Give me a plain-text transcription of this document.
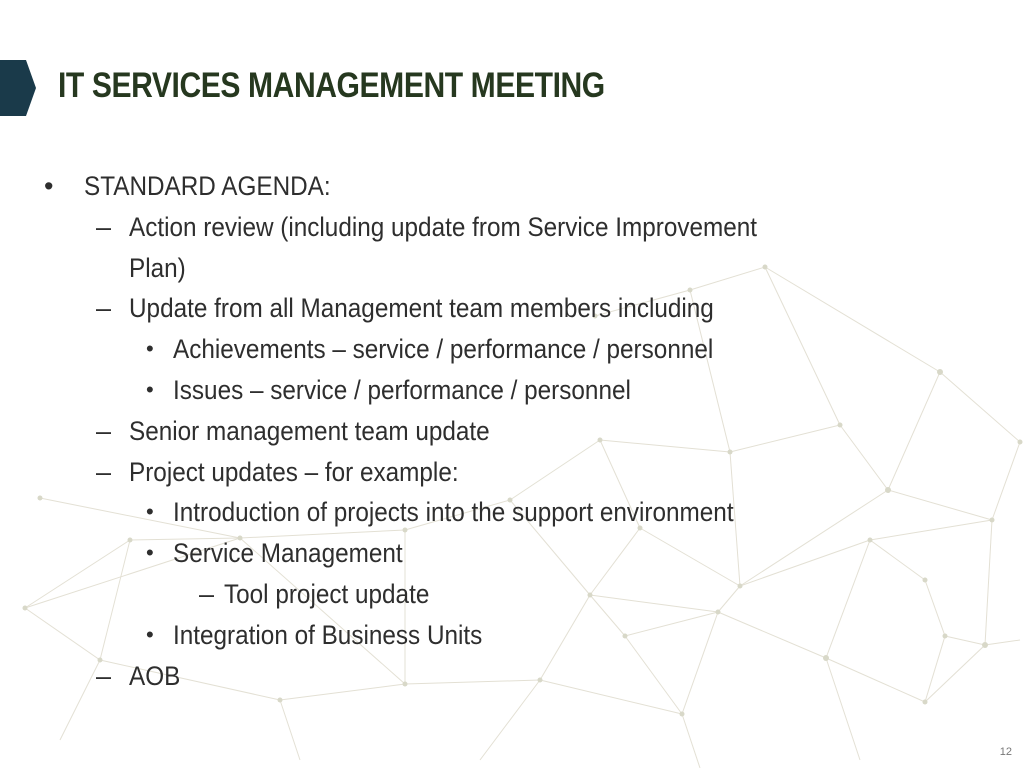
IT SERVICES MANAGEMENT MEETING
• STANDARD AGENDA:
– Action review (including update from Service Improvement
Plan)
– Update from all Management team members including
• Achievements – service / performance / personnel
• Issues – service / performance / personnel
– Senior management team update
– Project updates – for example:
• Introduction of projects into the support environment
• Service Management
– Tool project update
• Integration of Business Units
– AOB
12
